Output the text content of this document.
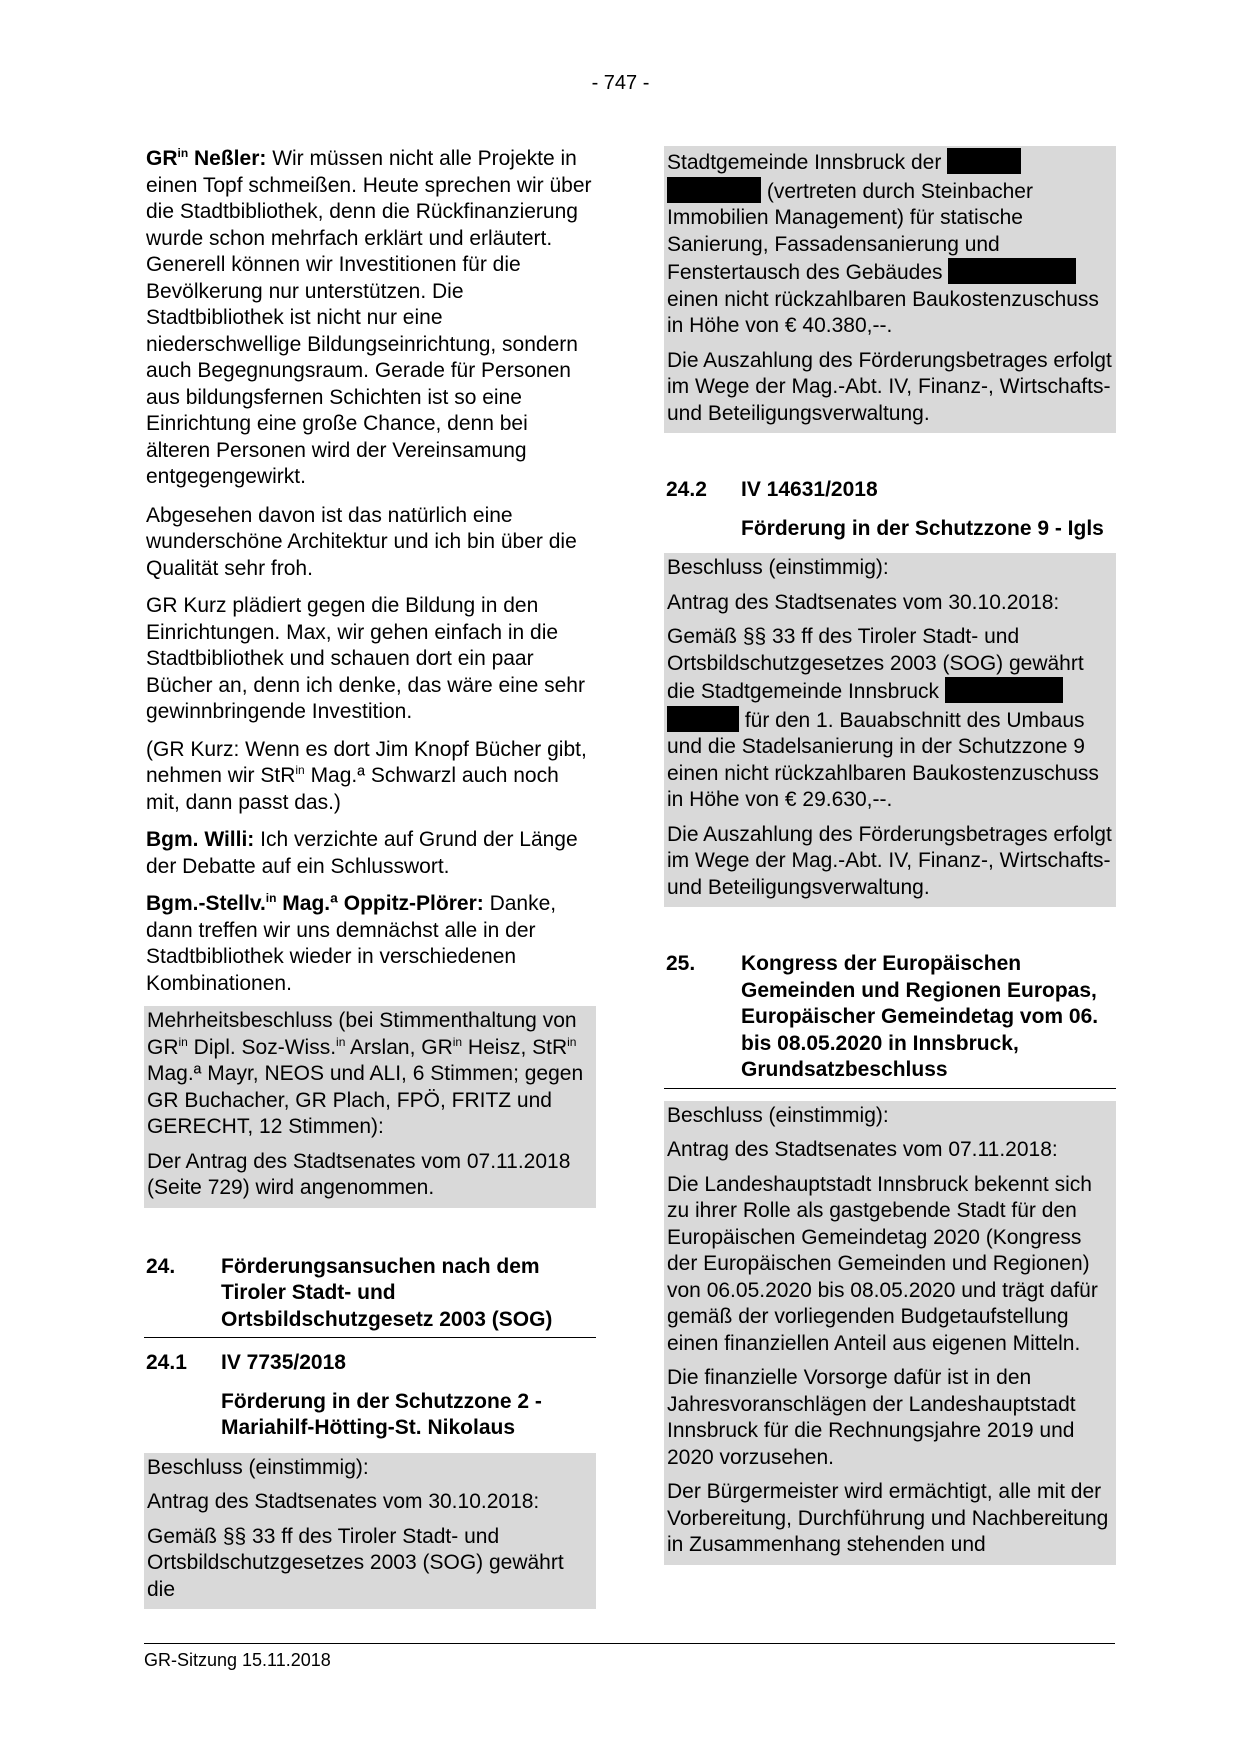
- 747 -

$GR^{in}$ Neßler: Wir müssen nicht alle Projekte in einen Topf schmeißen. Heute sprechen wir über die Stadtbibliothek, denn die Rückfinanzierung wurde schon mehrfach erklärt und erläutert. Generell können wir Investitionen für die Bevölkerung nur unterstützen. Die Stadtbibliothek ist nicht nur eine niederschwellige Bildungseinrichtung, sondern auch Begegnungsraum. Gerade für Personen aus bildungsfernen Schichten ist so eine Einrichtung eine große Chance, denn bei älteren Personen wird der Vereinsamung entgegengewirkt.

Abgesehen davon ist das natürlich eine wunderschöne Architektur und ich bin über die Qualität sehr froh.

GR Kurz plädiert gegen die Bildung in den Einrichtungen. Max, wir gehen einfach in die Stadtbibliothek und schauen dort ein paar Bücher an, denn ich denke, das wäre eine sehr gewinnbringende Investition.

(GR Kurz: Wenn es dort Jim Knopf Bücher gibt, nehmen wir StR$^{in}$ Mag.ª Schwarzl auch noch mit, dann passt das.)

Bgm. Willi: Ich verzichte auf Grund der Länge der Debatte auf ein Schlusswort.

Bgm.-Stellv.$^{in}$ Mag.ª Oppitz-Plörer: Danke, dann treffen wir uns demnächst alle in der Stadtbibliothek wieder in verschiedenen Kombinationen.

Mehrheitsbeschluss (bei Stimmenthaltung von $GR^{in}$ Dipl. Soz-Wiss.$^{in}$ Arslan, $GR^{in}$ Heisz, StR$^{in}$ Mag.ª Mayr, NEOS und ALI, 6 Stimmen; gegen GR Buchacher, GR Plach, FPÖ, FRITZ und GERECHT, 12 Stimmen):

Der Antrag des Stadtsenates vom 07.11.2018 (Seite 729) wird angenommen.

24.	Förderungsansuchen nach dem Tiroler Stadt- und Ortsbildschutzgesetz 2003 (SOG)
24.1	IV 7735/2018
Förderung in der Schutzzone 2 - Mariahilf-Hötting-St. Nikolaus

Beschluss (einstimmig):

Antrag des Stadtsenates vom 30.10.2018:

Gemäß §§ 33 ff des Tiroler Stadt- und Ortsbildschutzgesetzes 2003 (SOG) gewährt die

Stadtgemeinde Innsbruck der
(vertreten durch Steinbacher Immobilien Management) für statische Sanierung, Fassadensanierung und Fenstertausch des Gebäudes  einen nicht rückzahlbaren Baukostenzuschuss in Höhe von € 40.380,--.

Die Auszahlung des Förderungsbetrages erfolgt im Wege der Mag.-Abt. IV, Finanz-, Wirtschafts- und Beteiligungsverwaltung.

24.2	IV 14631/2018
Förderung in der Schutzzone 9 - Igls

Beschluss (einstimmig):

Antrag des Stadtsenates vom 30.10.2018:

Gemäß §§ 33 ff des Tiroler Stadt- und Ortsbildschutzgesetzes 2003 (SOG) gewährt die Stadtgemeinde Innsbruck
für den 1. Bauabschnitt des Umbaus und die Stadelsanierung in der Schutzzone 9 einen nicht rückzahlbaren Baukostenzuschuss in Höhe von € 29.630,--.

Die Auszahlung des Förderungsbetrages erfolgt im Wege der Mag.-Abt. IV, Finanz-, Wirtschafts- und Beteiligungsverwaltung.

25.	Kongress der Europäischen Gemeinden und Regionen Europas, Europäischer Gemeindetag vom 06. bis 08.05.2020 in Innsbruck, Grundsatzbeschluss

Beschluss (einstimmig):

Antrag des Stadtsenates vom 07.11.2018:

Die Landeshauptstadt Innsbruck bekennt sich zu ihrer Rolle als gastgebende Stadt für den Europäischen Gemeindetag 2020 (Kongress der Europäischen Gemeinden und Regionen) von 06.05.2020 bis 08.05.2020 und trägt dafür gemäß der vorliegenden Budgetaufstellung einen finanziellen Anteil aus eigenen Mitteln.

Die finanzielle Vorsorge dafür ist in den Jahresvoranschlägen der Landeshauptstadt Innsbruck für die Rechnungsjahre 2019 und 2020 vorzusehen.

Der Bürgermeister wird ermächtigt, alle mit der Vorbereitung, Durchführung und Nachbereitung in Zusammenhang stehenden und

GR-Sitzung 15.11.2018
